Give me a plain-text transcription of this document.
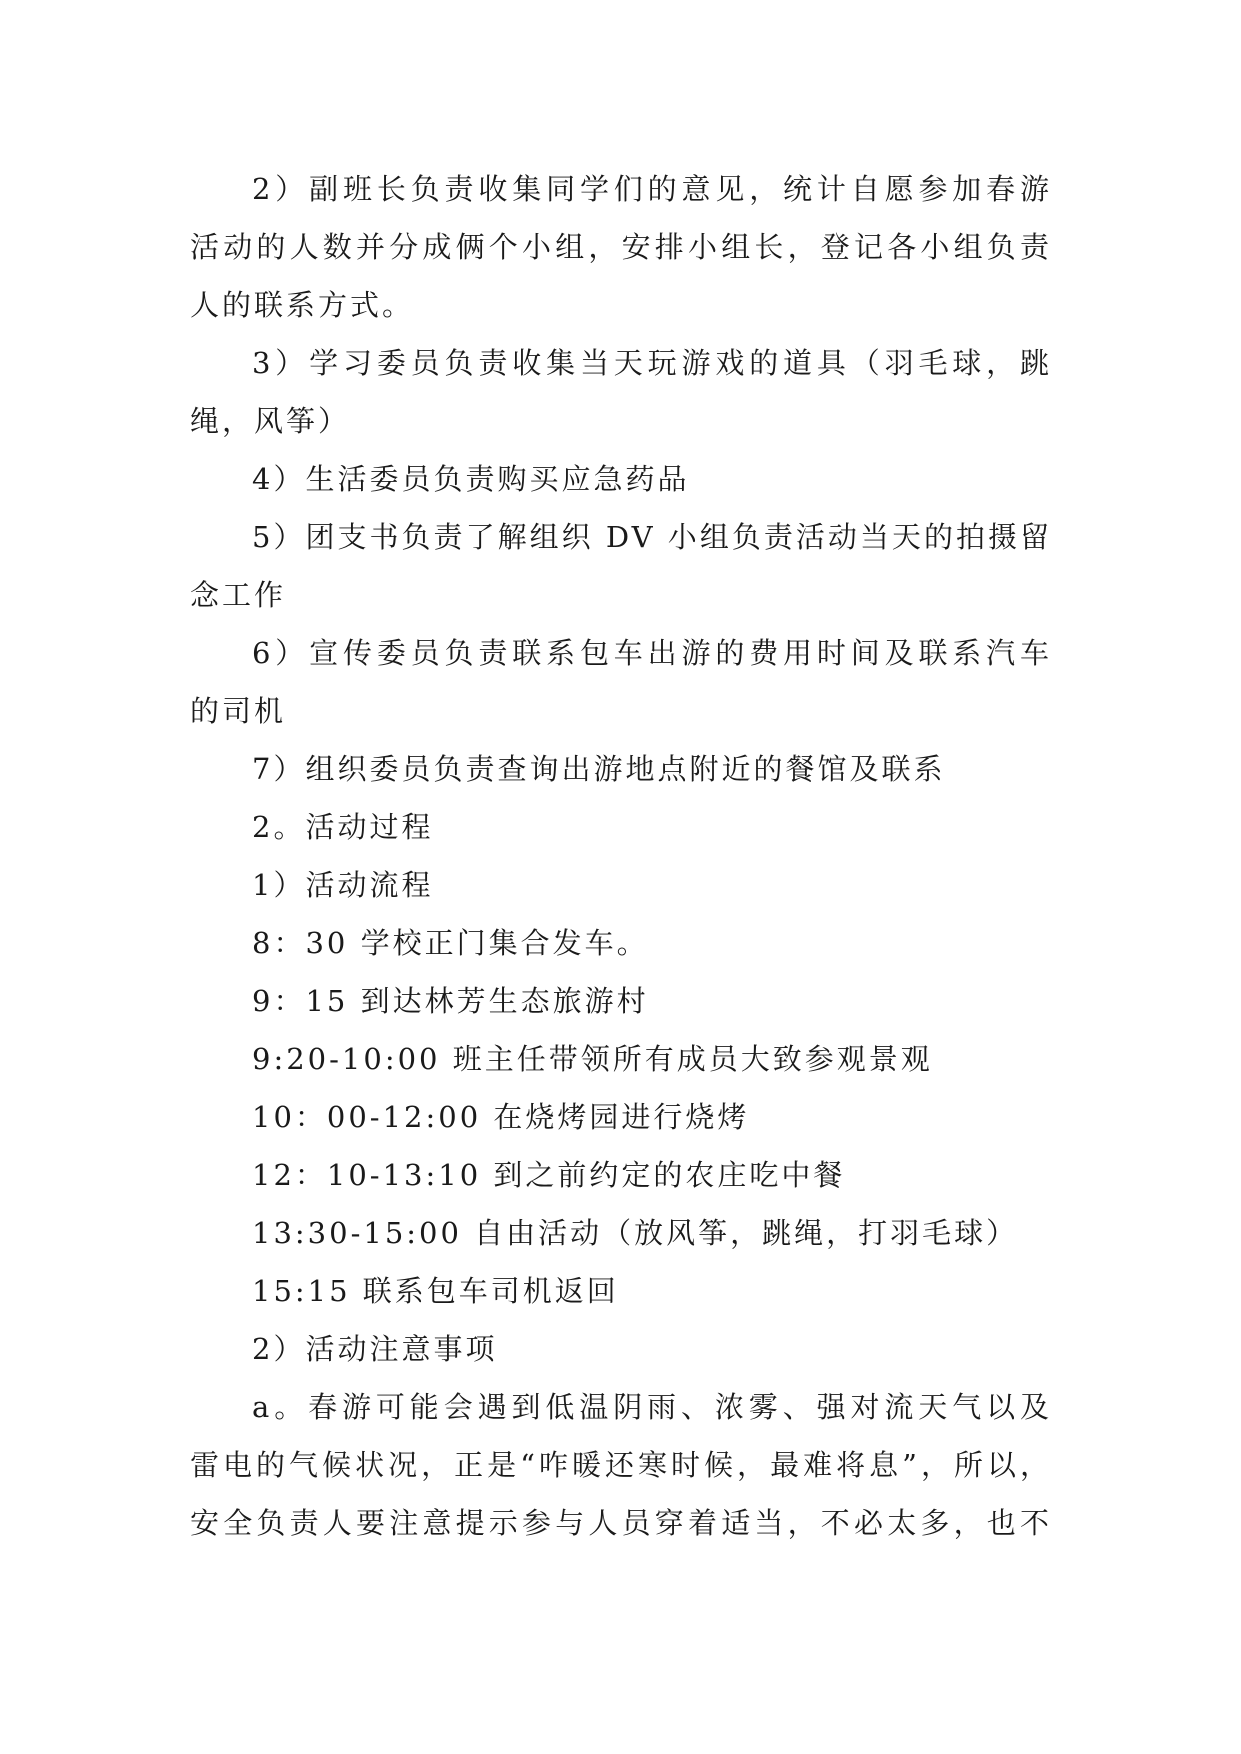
2）副班长负责收集同学们的意见，统计自愿参加春游
活动的人数并分成俩个小组，安排小组长，登记各小组负责
人的联系方式。
3）学习委员负责收集当天玩游戏的道具（羽毛球，跳
绳，风筝）
4）生活委员负责购买应急药品
5）团支书负责了解组织 DV 小组负责活动当天的拍摄留
念工作
6）宣传委员负责联系包车出游的费用时间及联系汽车
的司机
7）组织委员负责查询出游地点附近的餐馆及联系
2。活动过程
1）活动流程
8：30 学校正门集合发车。
9：15 到达林芳生态旅游村
9:20-10:00 班主任带领所有成员大致参观景观
10：00-12:00 在烧烤园进行烧烤
12：10-13:10 到之前约定的农庄吃中餐
13:30-15:00 自由活动（放风筝，跳绳，打羽毛球）
15:15 联系包车司机返回
2）活动注意事项
a。春游可能会遇到低温阴雨、浓雾、强对流天气以及
雷电的气候状况，正是“咋暖还寒时候，最难将息”，所以，
安全负责人要注意提示参与人员穿着适当，不必太多，也不
